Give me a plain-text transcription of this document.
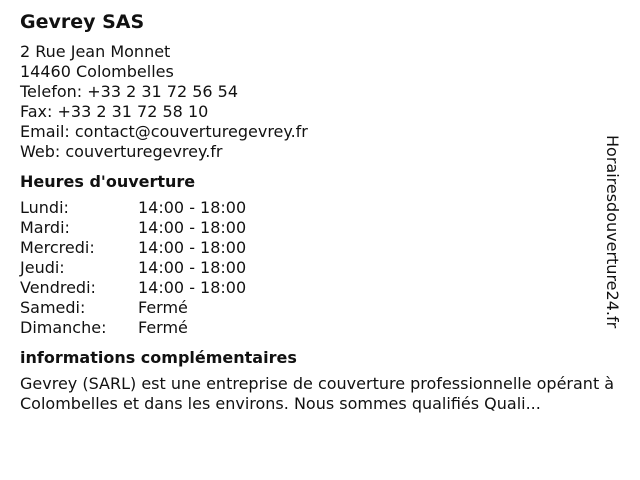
Gevrey SAS
2 Rue Jean Monnet
14460 Colombelles
Telefon: +33 2 31 72 56 54
Fax: +33 2 31 72 58 10
Email: contact@couverturegevrey.fr
Web: couverturegevrey.fr
Heures d'ouverture
Lundi:	14:00 - 18:00
Mardi:	14:00 - 18:00
Mercredi:	14:00 - 18:00
Jeudi:	14:00 - 18:00
Vendredi:	14:00 - 18:00
Samedi:	Fermé
Dimanche:	Fermé
informations complémentaires
Gevrey (SARL) est une entreprise de couverture professionnelle opérant à Colombelles et dans les environs. Nous sommes qualifiés Quali...
Horairesdouverture24.fr
